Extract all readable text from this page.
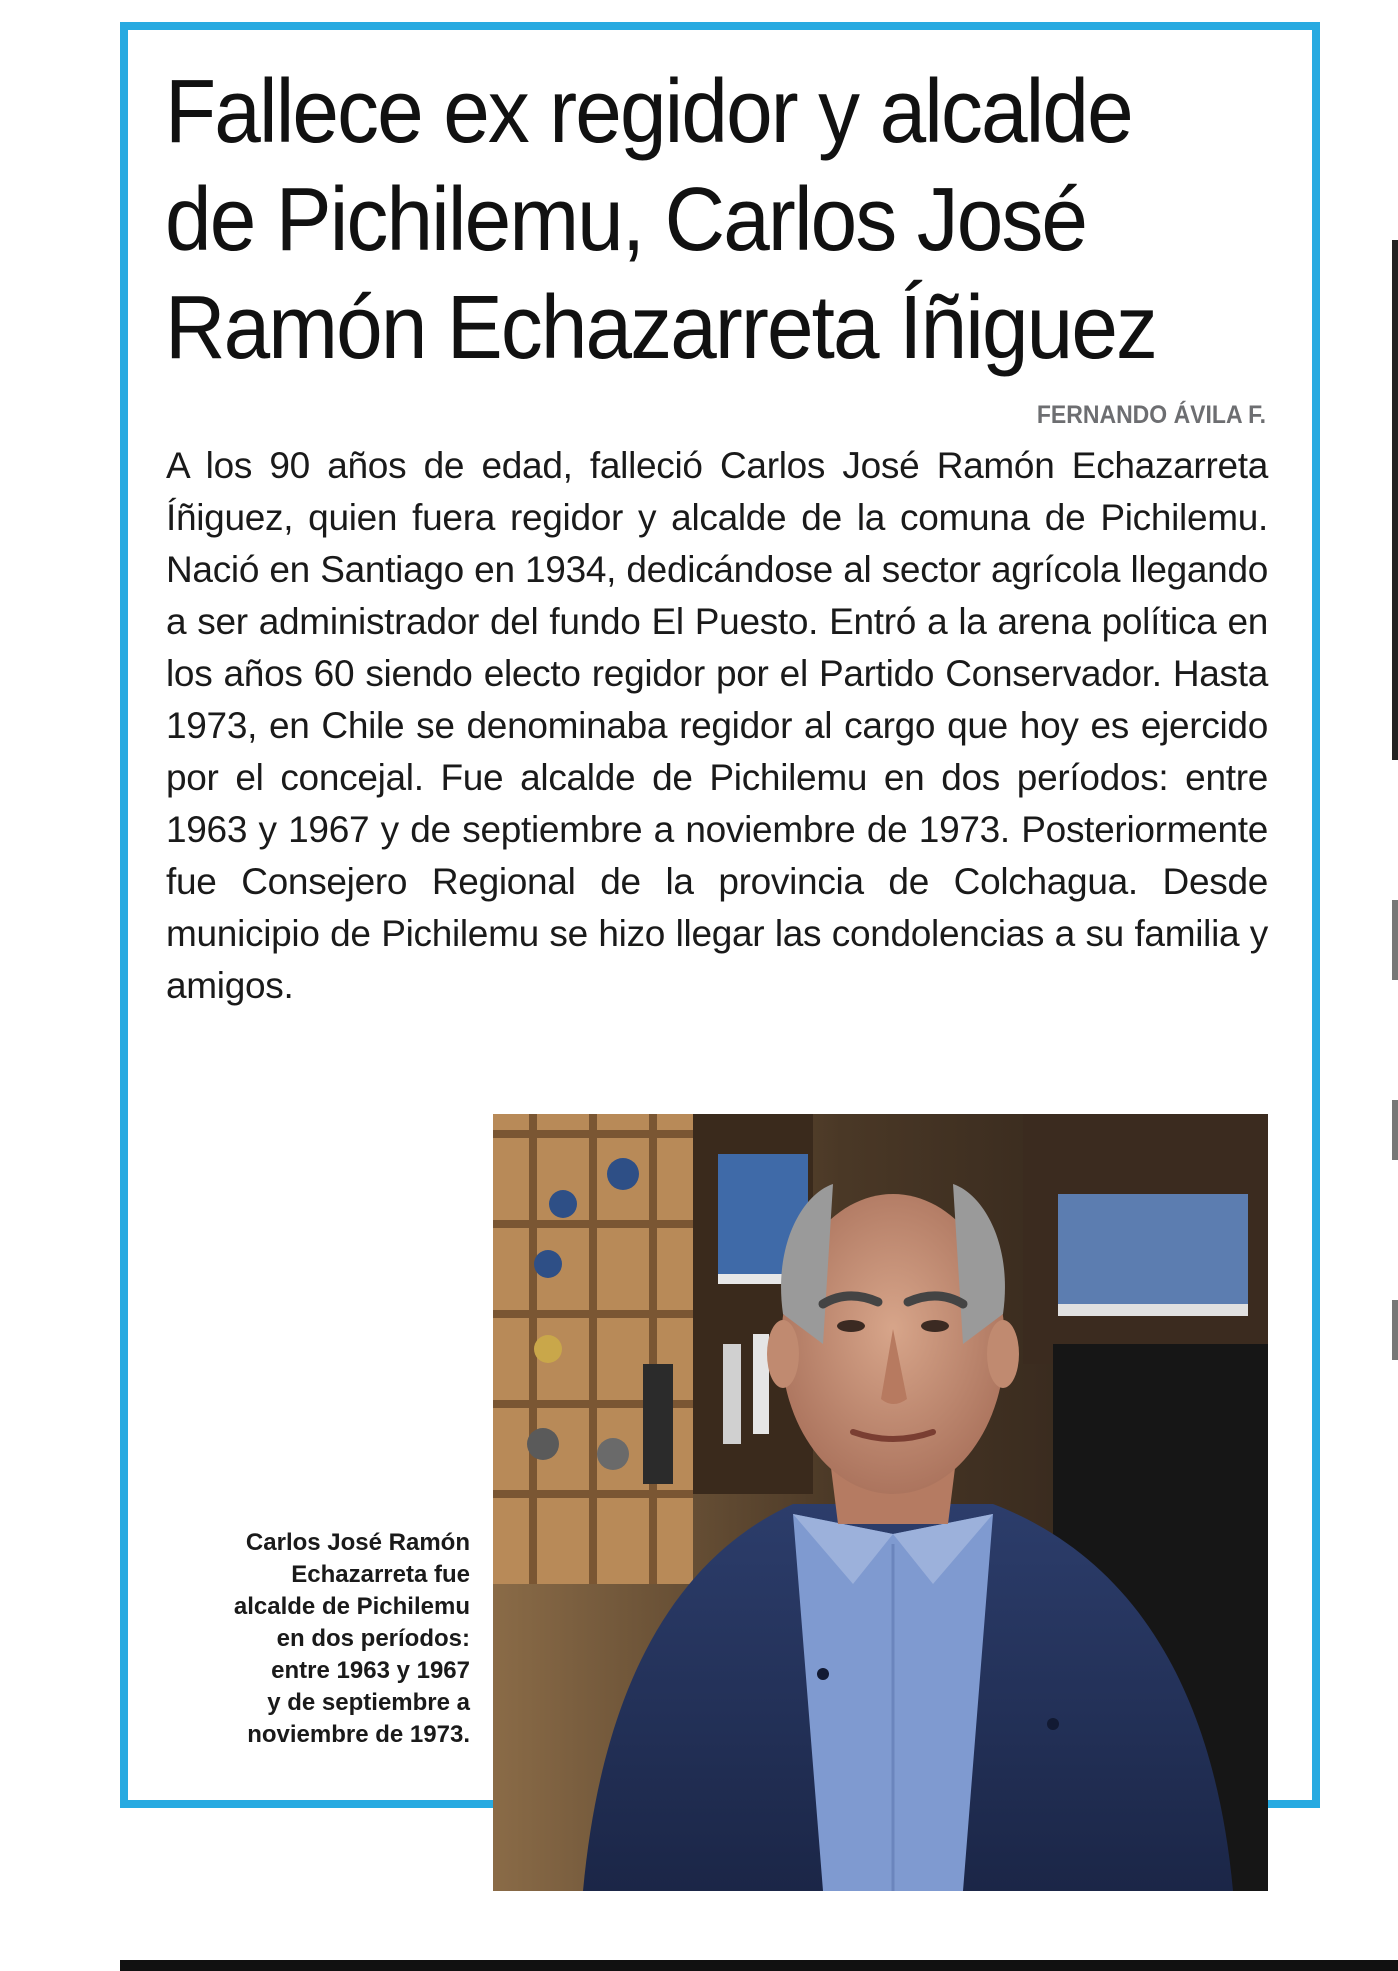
Fallece ex regidor y alcalde
de Pichilemu, Carlos José
Ramón Echazarreta Íñiguez
FERNANDO ÁVILA F.

A los 90 años de edad, falleció Carlos José Ramón Echazarreta Íñiguez, quien fuera regidor y alcalde de la comuna de Pichilemu. Nació en Santiago en 1934, dedicándose al sector agrícola llegando a ser administrador del fundo El Puesto. Entró a la arena política en los años 60 siendo electo regidor por el Partido Conservador. Hasta 1973, en Chile se denominaba regidor al cargo que hoy es ejercido por el concejal. Fue alcalde de Pichilemu en dos períodos: entre 1963 y 1967 y de septiembre a noviembre de 1973. Posteriormente fue Consejero Regional de la provincia de Colchagua. Desde municipio de Pichilemu se hizo llegar las condolencias a su familia y amigos.

Carlos José Ramón
Echazarreta fue
alcalde de Pichilemu
en dos períodos:
entre 1963 y 1967
y de septiembre a
noviembre de 1973.
